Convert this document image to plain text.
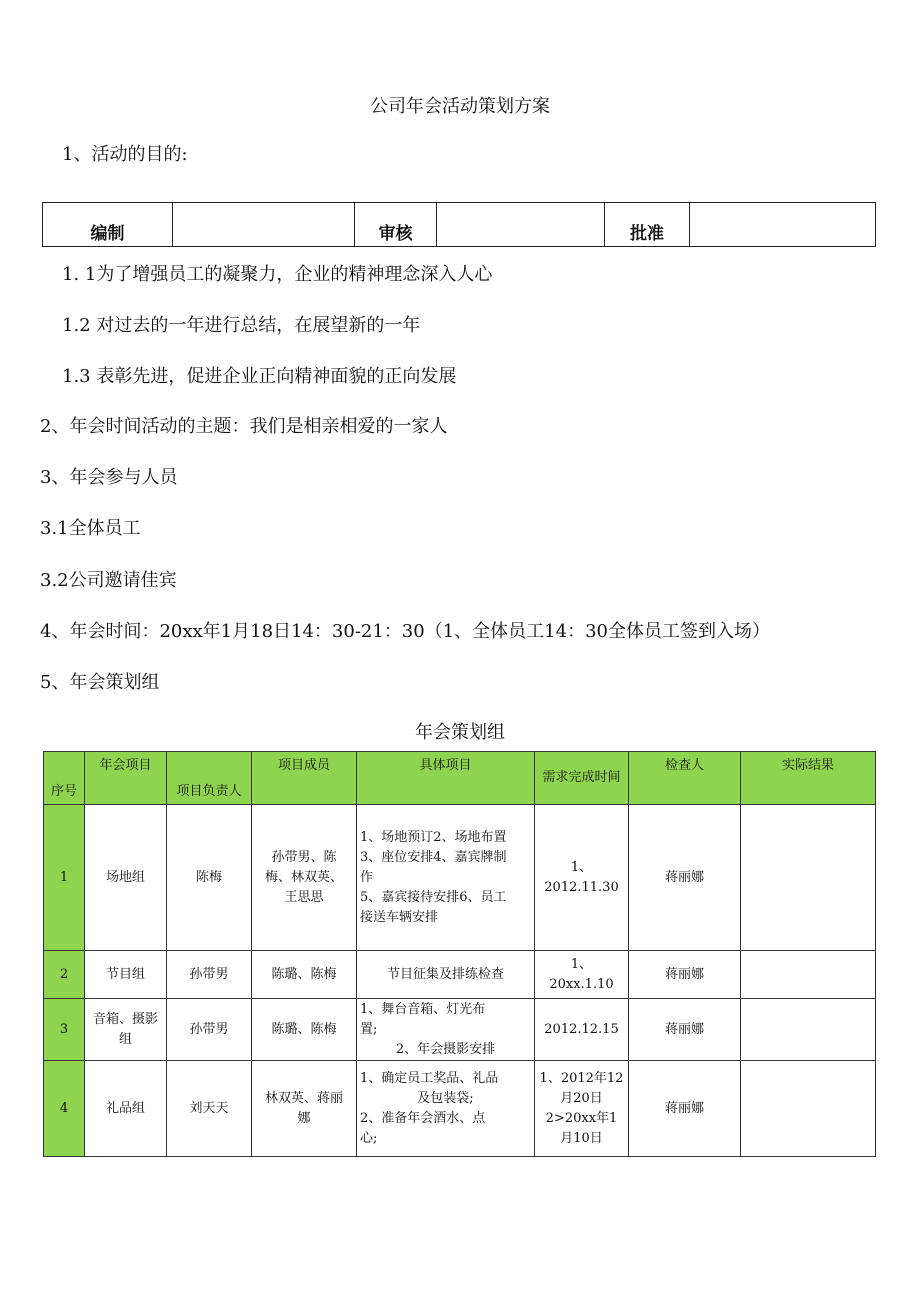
公司年会活动策划方案
1、活动的目的:
编制		审核		批准	
1. 1为了增强员工的凝聚力，企业的精神理念深入人心
1.2 对过去的一年进行总结，在展望新的一年
1.3 表彰先进，促进企业正向精神面貌的正向发展
2、年会时间活动的主题：我们是相亲相爱的一家人
3、年会参与人员
3.1全体员工
3.2公司邀请佳宾
4、年会时间：20xx年1月18日14：30-21：30（1、全体员工14：30全体员工签到入场）
5、年会策划组
年会策划组
序号	年会项目	项目负责人	项目成员	具体项目	需求完成时间	检查人	实际结果
1	场地组	陈梅	孙带男、陈
梅、林双英、
王思思	1、场地预订2、场地布置
3、座位安排4、嘉宾牌制
作
5、嘉宾接待安排6、员工
接送车辆安排	1、
2012.11.30	蒋丽娜	
2	节目组	孙带男	陈璐、陈梅	节目征集及排练检查	1、
20xx.1.10	蒋丽娜	
3	音箱、摄影
组	孙带男	陈璐、陈梅	1、舞台音箱、灯光布
置;
2、年会摄影安排	2012.12.15	蒋丽娜	
4	礼品组	刘天天	林双英、蒋丽
娜	1、确定员工奖品、礼品
及包装袋;
2、准备年会酒水、点
心;	1、2012年12
月20日
2>20xx年1
月10日	蒋丽娜	
